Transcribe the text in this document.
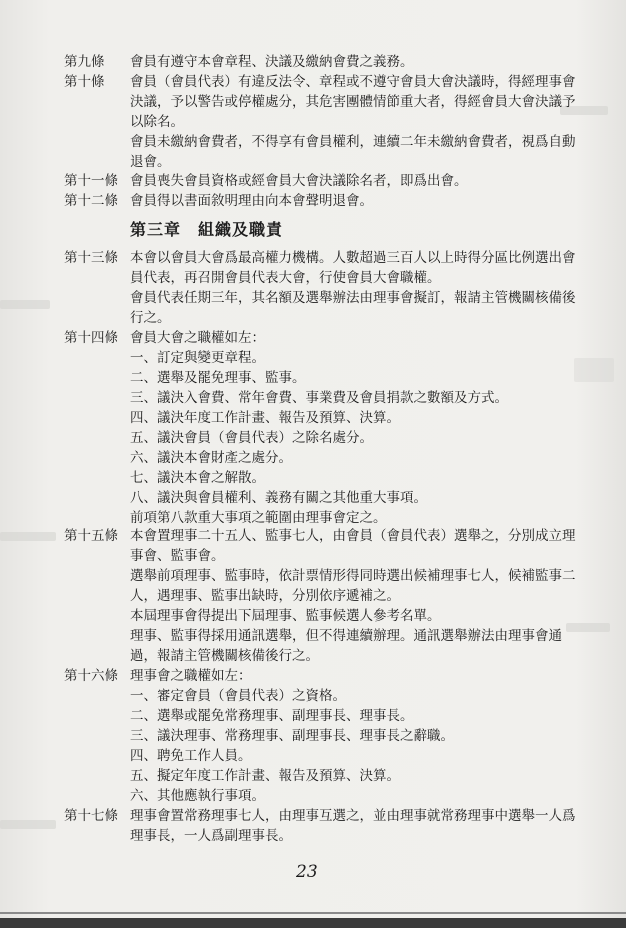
第九條 會員有遵守本會章程、決議及繳納會費之義務。

第十條 會員（會員代表）有違反法令、章程或不遵守會員大會決議時，得經理事會決議，予以警告或停權處分，其危害團體情節重大者，得經會員大會決議予以除名。

會員未繳納會費者，不得享有會員權利，連續二年未繳納會費者，視爲自動退會。

第十一條 會員喪失會員資格或經會員大會決議除名者，即爲出會。

第十二條 會員得以書面敘明理由向本會聲明退會。

第三章　組織及職責
第十三條 本會以會員大會爲最高權力機構。人數超過三百人以上時得分區比例選出會員代表，再召開會員代表大會，行使會員大會職權。

會員代表任期三年，其名額及選舉辦法由理事會擬訂，報請主管機關核備後行之。

第十四條 會員大會之職權如左：

一、訂定與變更章程。

二、選舉及罷免理事、監事。

三、議決入會費、常年會費、事業費及會員捐款之數額及方式。

四、議決年度工作計畫、報告及預算、決算。

五、議決會員（會員代表）之除名處分。

六、議決本會財產之處分。

七、議決本會之解散。

八、議決與會員權利、義務有關之其他重大事項。

前項第八款重大事項之範圍由理事會定之。

第十五條 本會置理事二十五人、監事七人，由會員（會員代表）選舉之，分別成立理事會、監事會。

選舉前項理事、監事時，依計票情形得同時選出候補理事七人，候補監事二人，遇理事、監事出缺時，分別依序遞補之。

本屆理事會得提出下屆理事、監事候選人參考名單。

理事、監事得採用通訊選舉，但不得連續辦理。通訊選舉辦法由理事會通過，報請主管機關核備後行之。

第十六條 理事會之職權如左：

一、審定會員（會員代表）之資格。

二、選舉或罷免常務理事、副理事長、理事長。

三、議決理事、常務理事、副理事長、理事長之辭職。

四、聘免工作人員。

五、擬定年度工作計畫、報告及預算、決算。

六、其他應執行事項。

第十七條 理事會置常務理事七人，由理事互選之，並由理事就常務理事中選舉一人爲理事長，一人爲副理事長。

23
